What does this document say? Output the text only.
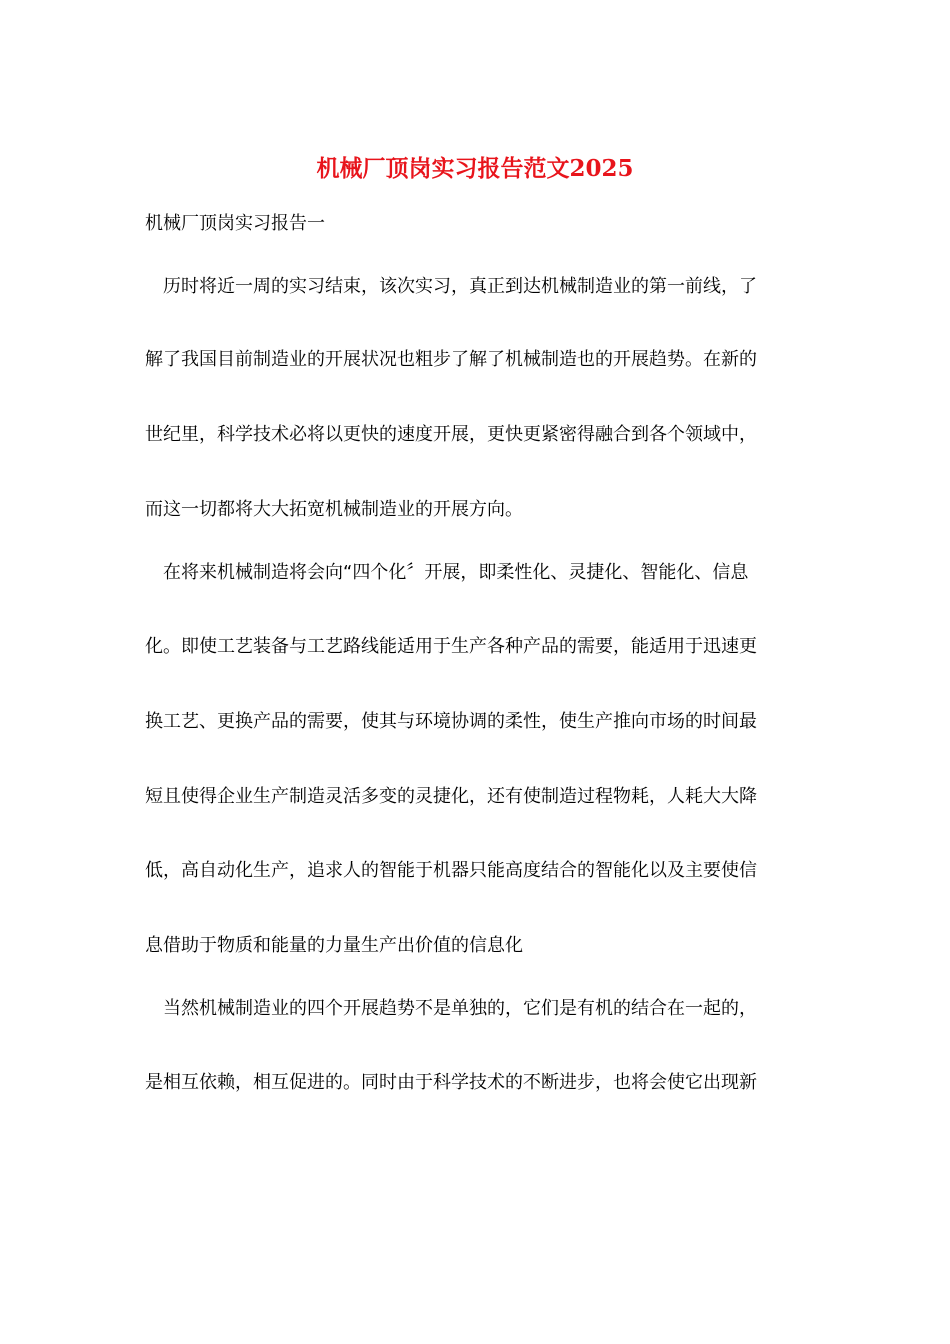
机械厂顶岗实习报告范文2025

机械厂顶岗实习报告一

历时将近一周的实习结束，该次实习，真正到达机械制造业的第一前线，了

解了我国目前制造业的开展状况也粗步了解了机械制造也的开展趋势。在新的

世纪里，科学技术必将以更快的速度开展，更快更紧密得融合到各个领域中，

而这一切都将大大拓宽机械制造业的开展方向。

在将来机械制造将会向“四个化〞开展，即柔性化、灵捷化、智能化、信息

化。即使工艺装备与工艺路线能适用于生产各种产品的需要，能适用于迅速更

换工艺、更换产品的需要，使其与环境协调的柔性，使生产推向市场的时间最

短且使得企业生产制造灵活多变的灵捷化，还有使制造过程物耗，人耗大大降

低，高自动化生产，追求人的智能于机器只能高度结合的智能化以及主要使信

息借助于物质和能量的力量生产出价值的信息化

当然机械制造业的四个开展趋势不是单独的，它们是有机的结合在一起的，

是相互依赖，相互促进的。同时由于科学技术的不断进步，也将会使它出现新
